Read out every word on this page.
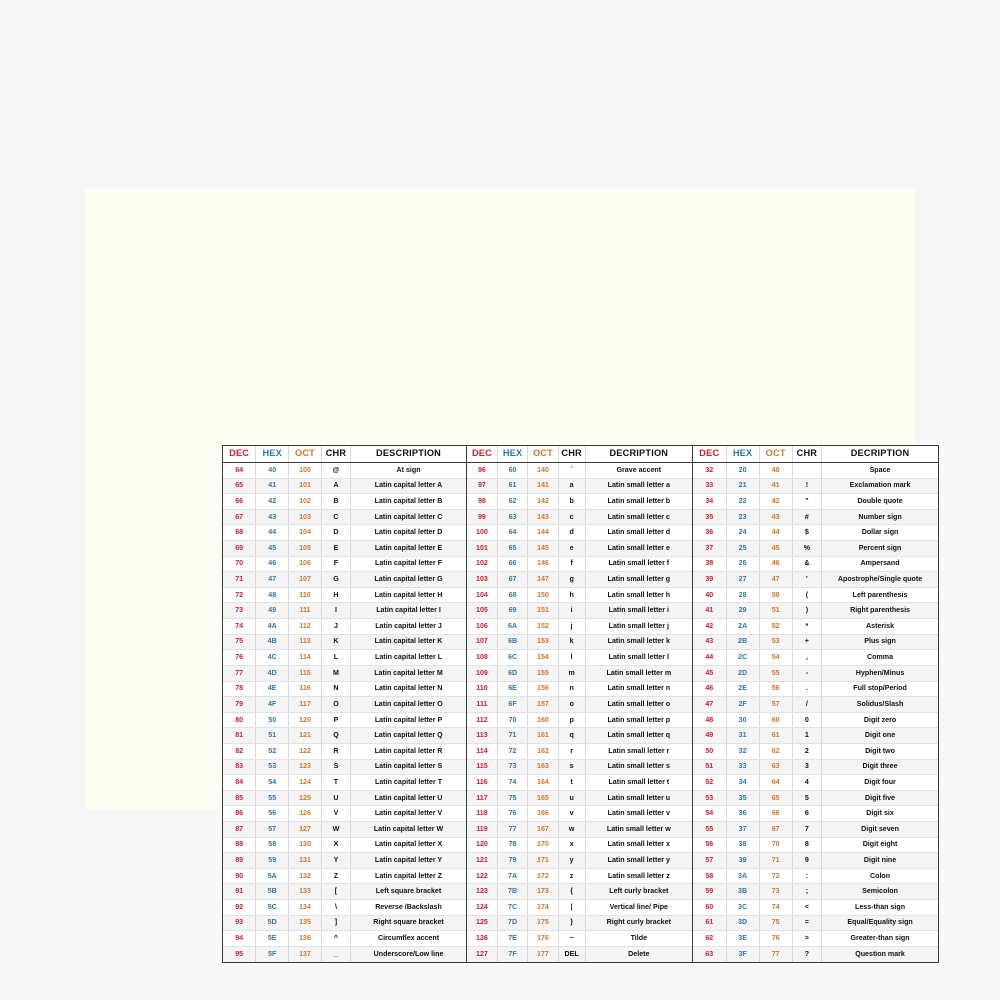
DEC	HEX	OCT	CHR	DESCRIPTION
64	40	100	@	At sign
65	41	101	A	Latin capital letter A
66	42	102	B	Latin capital letter B
67	43	103	C	Latin capital letter C
68	44	104	D	Latin capital letter D
69	45	105	E	Latin capital letter E
70	46	106	F	Latin capital letter F
71	47	107	G	Latin capital letter G
72	48	110	H	Latin capital letter H
73	49	111	I	Latin capital letter I
74	4A	112	J	Latin capital letter J
75	4B	113	K	Latin capital letter K
76	4C	114	L	Latin capital letter L
77	4D	115	M	Latin capital letter M
78	4E	116	N	Latin capital letter N
79	4F	117	O	Latin capital letter O
80	50	120	P	Latin capital letter P
81	51	121	Q	Latin capital letter Q
82	52	122	R	Latin capital letter R
83	53	123	S	Latin capital letter S
84	54	124	T	Latin capital letter T
85	55	125	U	Latin capital letter U
86	56	126	V	Latin capital letter V
87	57	127	W	Latin capital letter W
88	58	130	X	Latin capital letter X
89	59	131	Y	Latin capital letter Y
90	5A	132	Z	Latin capital letter Z
91	5B	133	[	Left square bracket
92	5C	134	\	Reverse /Backslash
93	5D	135	]	Right square bracket
94	5E	136	^	Circumflex accent
95	5F	137	_	Underscore/Low line
DEC	HEX	OCT	CHR	DECRIPTION
96	60	140	`	Grave accent
97	61	141	a	Latin small letter a
98	62	142	b	Latin small letter b
99	63	143	c	Latin small letter c
100	64	144	d	Latin small letter d
101	65	145	e	Latin small letter e
102	66	146	f	Latin small letter f
103	67	147	g	Latin small letter g
104	68	150	h	Latin small letter h
105	69	151	i	Latin small letter i
106	6A	152	j	Latin small letter j
107	6B	153	k	Latin small letter k
108	6C	154	l	Latin small letter l
109	6D	155	m	Latin small letter m
110	6E	156	n	Latin small letter n
111	6F	157	o	Latin small letter o
112	70	160	p	Latin small letter p
113	71	161	q	Latin small letter q
114	72	162	r	Latin small letter r
115	73	163	s	Latin small letter s
116	74	164	t	Latin small letter t
117	75	165	u	Latin small letter u
118	76	166	v	Latin small letter v
119	77	167	w	Latin small letter w
120	78	170	x	Latin small letter x
121	79	171	y	Latin small letter y
122	7A	172	z	Latin small letter z
123	7B	173	{	Left curly bracket
124	7C	174	|	Vertical line/ Pipe
125	7D	175	}	Right curly bracket
126	7E	176	~	Tilde
127	7F	177	DEL	Delete
DEC	HEX	OCT	CHR	DECRIPTION
32	20	40		Space
33	21	41	!	Exclamation mark
34	22	42	"	Double quote
35	23	43	#	Number sign
36	24	44	$	Dollar sign
37	25	45	%	Percent sign
38	26	46	&	Ampersand
39	27	47	'	Apostrophe/Single quote
40	28	50	(	Left parenthesis
41	29	51	)	Right parenthesis
42	2A	52	*	Asterisk
43	2B	53	+	Plus sign
44	2C	54	,	Comma
45	2D	55	-	Hyphen/Minus
46	2E	56	.	Full stop/Period
47	2F	57	/	Solidus/Slash
48	30	60	0	Digit zero
49	31	61	1	Digit one
50	32	62	2	Digit two
51	33	63	3	Digit three
52	34	64	4	Digit four
53	35	65	5	Digit five
54	36	66	6	Digit six
55	37	67	7	Digit seven
56	38	70	8	Digit eight
57	39	71	9	Digit nine
58	3A	72	:	Colon
59	3B	73	;	Semicolon
60	3C	74	<	Less-than sign
61	3D	75	=	Equal/Equality sign
62	3E	76	>	Greater-than sign
63	3F	77	?	Question mark
